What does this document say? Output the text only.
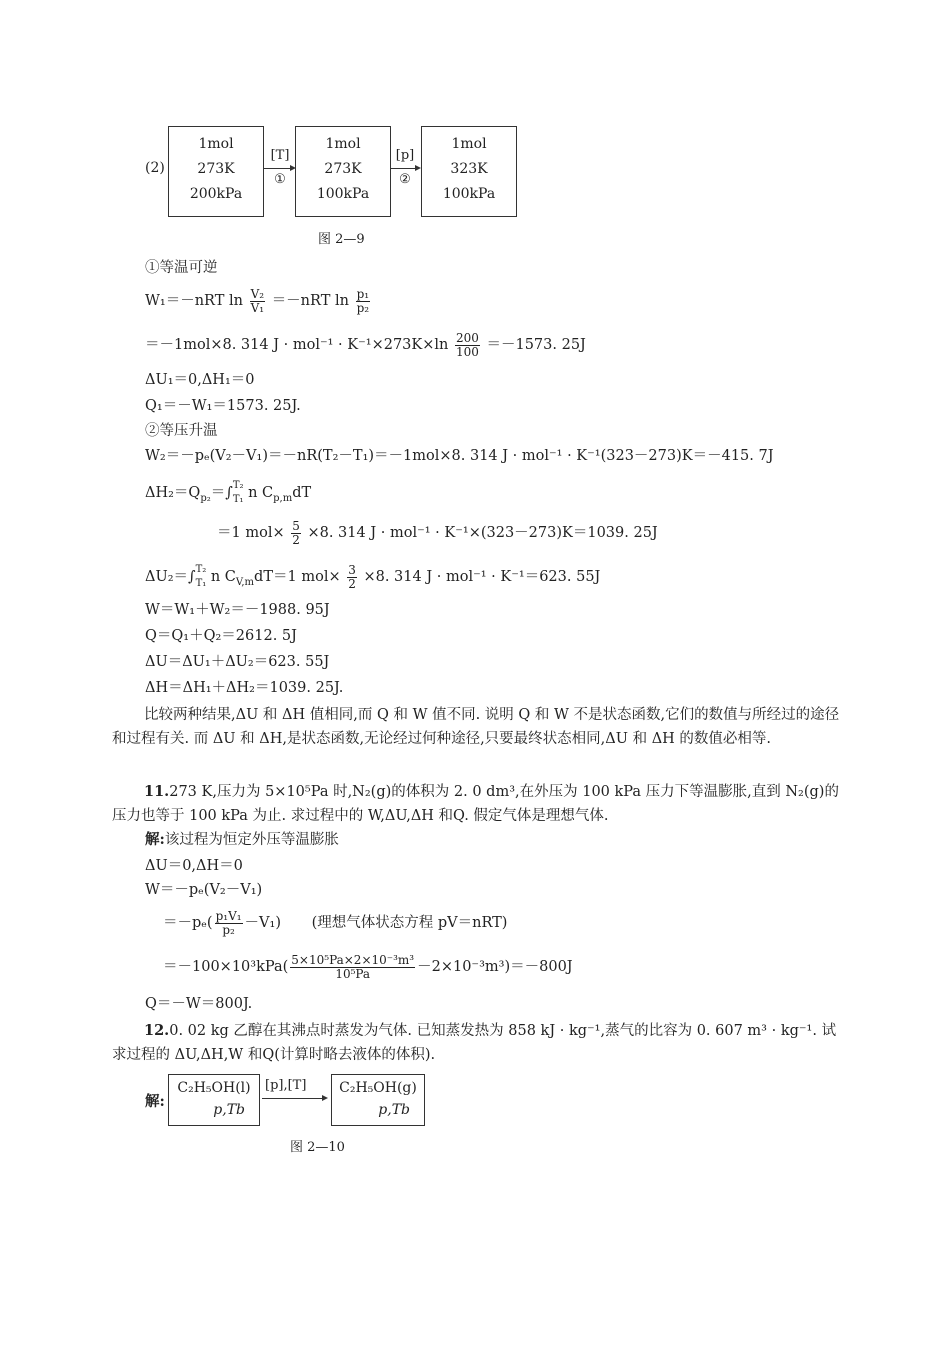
(2)
1mol
273K
200kPa
[T]
①
1mol
273K
100kPa
[p]
②
1mol
323K
100kPa
图 2—9
①等温可逆
W₁＝－nRT $\ln \frac{\text{V₂}}{\text{V₁}} =-nRT$ $\ln \frac{\text{p₁}}{\text{p₂}}$
＝－1mol×8. 314 $J \cdot mol^{-1} \cdot K^{-1}\times 273K\times\ln \frac{200}{100} =-1573$. 25J
ΔU₁＝0,ΔH₁＝0
Q₁＝－W₁＝1573. 25J.
②等压升温
W₂＝－pₑ(V₂－V₁)＝－nR(T₂－T₁)＝－1mol×8. 314 J · mol⁻¹ · K⁻¹(323－273)K＝－415. 7J
$\Delta H_2=Q_{p_2}=\int$ T₂
T₁ n $C_{p,m}dT$
＝1 $mol\times \frac{5}{2} \times 8$. 314 J · mol⁻¹ · K⁻¹×(323－273)K＝1039. 25J
ΔU₂＝∫ T₂
T₁ n $C_{V,m}dT=1$ $mol\times \frac{3}{2} \times 8$. 314 J · mol⁻¹ · K⁻¹＝623. 55J
W＝W₁＋W₂＝－1988. 95J
Q＝Q₁＋Q₂＝2612. 5J
ΔU＝ΔU₁＋ΔU₂＝623. 55J
ΔH＝ΔH₁＋ΔH₂＝1039. 25J.
比较两种结果,ΔU 和 ΔH 值相同,而 Q 和 W 值不同. 说明 Q 和 W 不是状态函数,它们的数值与所经过的途径和过程有关. 而 ΔU 和 ΔH,是状态函数,无论经过何种途径,只要最终状态相同,ΔU 和 ΔH 的数值必相等.
11.273 K,压力为 5×10⁵Pa 时,N₂(g)的体积为 2. 0 dm³,在外压为 100 kPa 压力下等温膨胀,直到 N₂(g)的压力也等于 100 kPa 为止. 求过程中的 W,ΔU,ΔH 和Q. 假定气体是理想气体.
解:该过程为恒定外压等温膨胀
ΔU＝0,ΔH＝0
W＝－pₑ(V₂－V₁)
$=-p_e( \frac{\text{p₁V₁}}{\text{p₂}} -V_1)$ (理想气体状态方程 pV＝nRT)
$=-100\times 10^3kPa( \frac{\text{5×10⁵Pa×2×10⁻³m³}}{\text{10⁵Pa}} -2\times 10^{-3}m^3)=-800J$
Q＝－W＝800J.
12.0. 02 kg 乙醇在其沸点时蒸发为气体. 已知蒸发热为 858 kJ · kg⁻¹,蒸气的比容为 0. 607 m³ · kg⁻¹. 试求过程的 ΔU,ΔH,W 和Q(计算时略去液体的体积).
解:
C₂H₅OH(l)
p,Tb
[p],[T]	C₂H₅OH(g)
p,Tb
图 2—10
